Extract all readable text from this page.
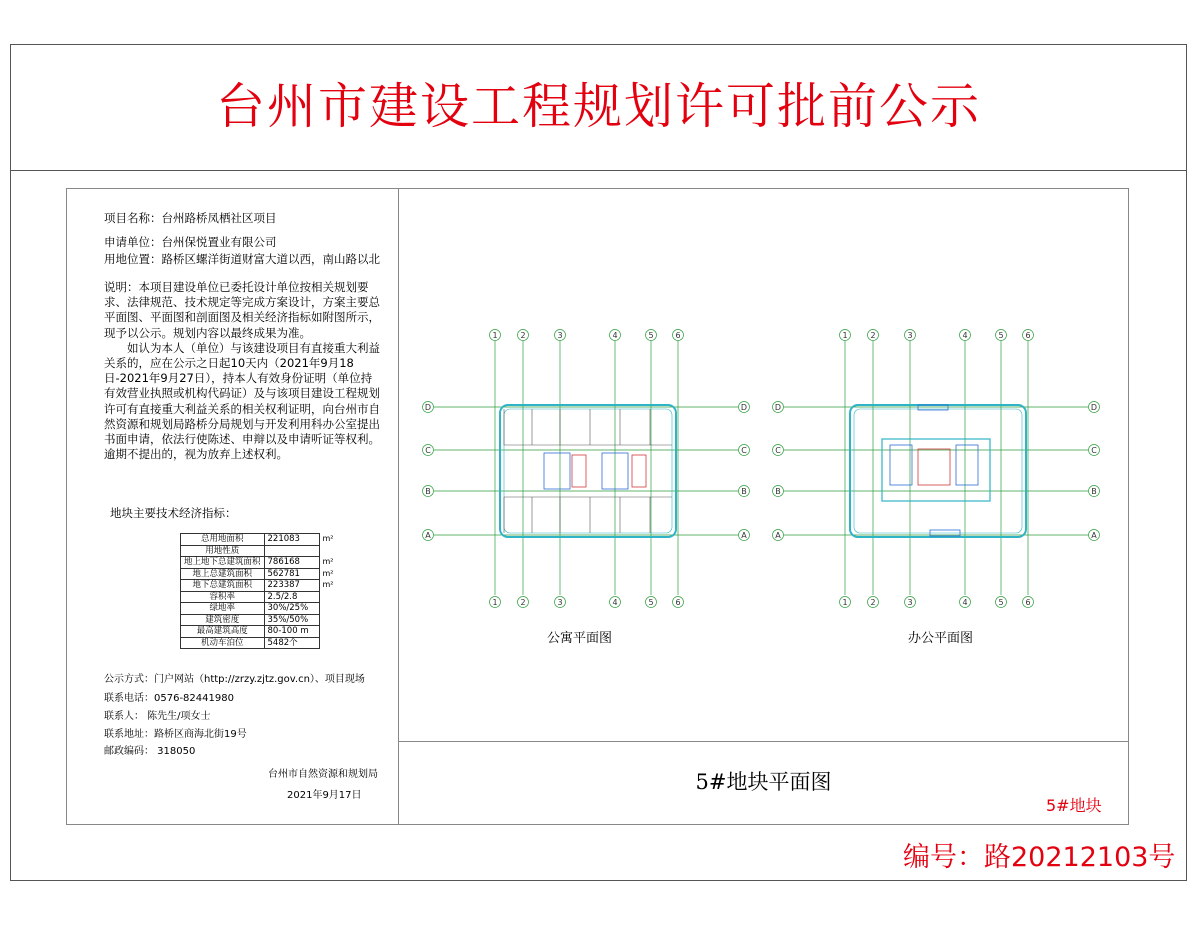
台州市建设工程规划许可批前公示
项目名称：台州路桥凤栖社区项目
申请单位：台州保悦置业有限公司
用地位置：路桥区螺洋街道财富大道以西，南山路以北

说明：本项目建设单位已委托设计单位按相关规划要求、法律规范、技术规定等完成方案设计，方案主要总平面图、平面图和剖面图及相关经济指标如附图所示，现予以公示。规划内容以最终成果为准。

如认为本人（单位）与该建设项目有直接重大利益关系的，应在公示之日起10天内（2021年9月18日-2021年9月27日），持本人有效身份证明（单位持有效营业执照或机构代码证）及与该项目建设工程规划许可有直接重大利益关系的相关权利证明，向台州市自然资源和规划局路桥分局规划与开发利用科办公室提出书面申请，依法行使陈述、申辩以及申请听证等权利。逾期不提出的，视为放弃上述权利。

地块主要技术经济指标：
总用地面积	221083	m²
用地性质		
地上地下总建筑面积	786168	m²
地上总建筑面积	562781	m²
地下总建筑面积	223387	m²
容积率	2.5/2.8	
绿地率	30%/25%	
建筑密度	35%/50%	
最高建筑高度	80-100 m	
机动车泊位	5482个	
公示方式：门户网站（http://zrzy.zjtz.gov.cn）、项目现场
联系电话：0576-82441980
联系人： 陈先生/项女士
联系地址：路桥区商海北街19号
邮政编码： 318050
台州市自然资源和规划局
2021年9月17日
1
1
2
2
3
3
4
4
5
5
6
6
D	D
C	C
B	B
A	A
1
1
2
2
3
3
4
4
5
5
6
6
D	D
C	C
B	B
A	A
公寓平面图	办公平面图
5#地块平面图
5#地块
编号：路20212103号
